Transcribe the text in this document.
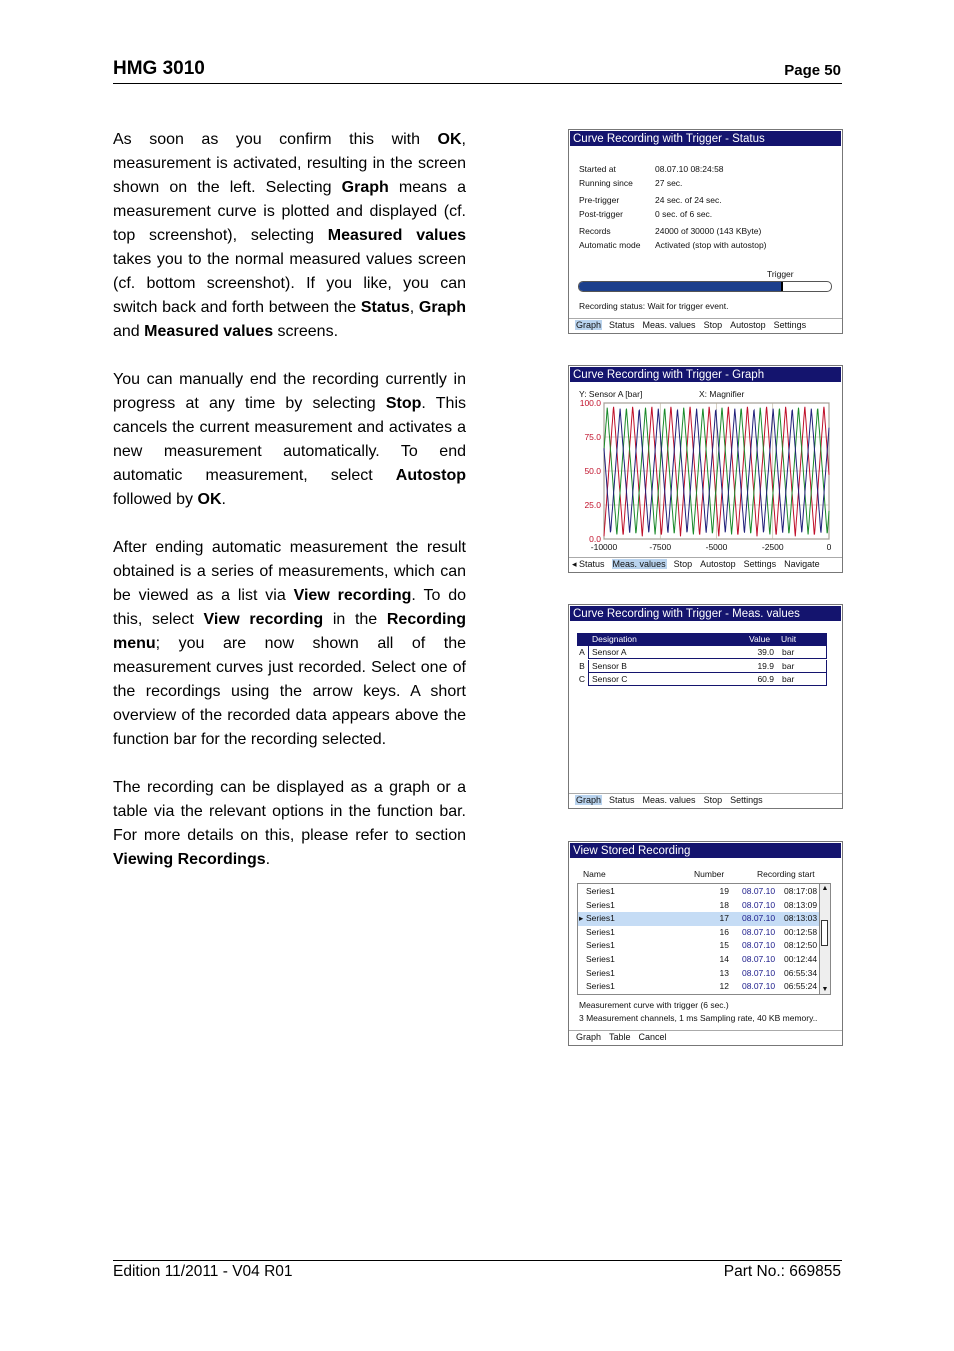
HMG 3010	Page 50

As soon as you confirm this with OK, measurement is activated, resulting in the screen shown on the left. Selecting Graph means a measurement curve is plotted and displayed (cf. top screenshot), selecting Measured values takes you to the normal measured values screen (cf. bottom screenshot). If you like, you can switch back and forth between the Status, Graph and Measured values screens.

You can manually end the recording currently in progress at any time by selecting Stop. This cancels the current measurement and activates a new measurement automatically. To end automatic measurement, select Autostop followed by OK.

After ending automatic measurement the result obtained is a series of measurements, which can be viewed as a list via View recording. To do this, select View recording in the Recording menu; you are now shown all of the measurement curves just recorded. Select one of the recordings using the arrow keys. A short overview of the recorded data appears above the function bar for the recording selected.

The recording can be displayed as a graph or a table via the relevant options in the function bar. For more details on this, please refer to section Viewing Recordings.

Curve Recording with Trigger - Status
Started at	08.07.10 08:24:58
Running since	27 sec.
Pre-trigger	24 sec. of 24 sec.
Post-trigger	0 sec. of 6 sec.
Records	24000 of 30000 (143 KByte)
Automatic mode Activated (stop with autostop)
Trigger
Recording status: Wait for trigger event.
Graph Status Meas. values Stop Autostop Settings
Curve Recording with Trigger - Graph
Y: Sensor A [bar]	X: Magnifier
100.0
75.0
50.0
25.0
0.0
-10000	-7500	-5000	-2500	0
◂ Status Meas. values Stop Autostop Settings Navigate
Curve Recording with Trigger - Meas. values
Designation	Value Unit
A Sensor A	39.0 bar
B Sensor B	19.9 bar
C Sensor C	60.9 bar
Graph Status Meas. values Stop Settings
View Stored Recording
Name	Number	Recording start
Series1	19 08.07.10 08:17:08
Series1	18 08.07.10 08:13:09
▸ Series1	17 08.07.10 08:13:03
Series1	16 08.07.10 00:12:58
Series1	15 08.07.10 08:12:50
Series1	14 08.07.10 00:12:44
Series1	13 08.07.10 06:55:34
Series1	12 08.07.10 06:55:24
▲
▼
Measurement curve with trigger (6 sec.)
3 Measurement channels, 1 ms Sampling rate, 40 KB memory..
Graph Table Cancel
Edition 11/2011 - V04 R01	Part No.: 669855
